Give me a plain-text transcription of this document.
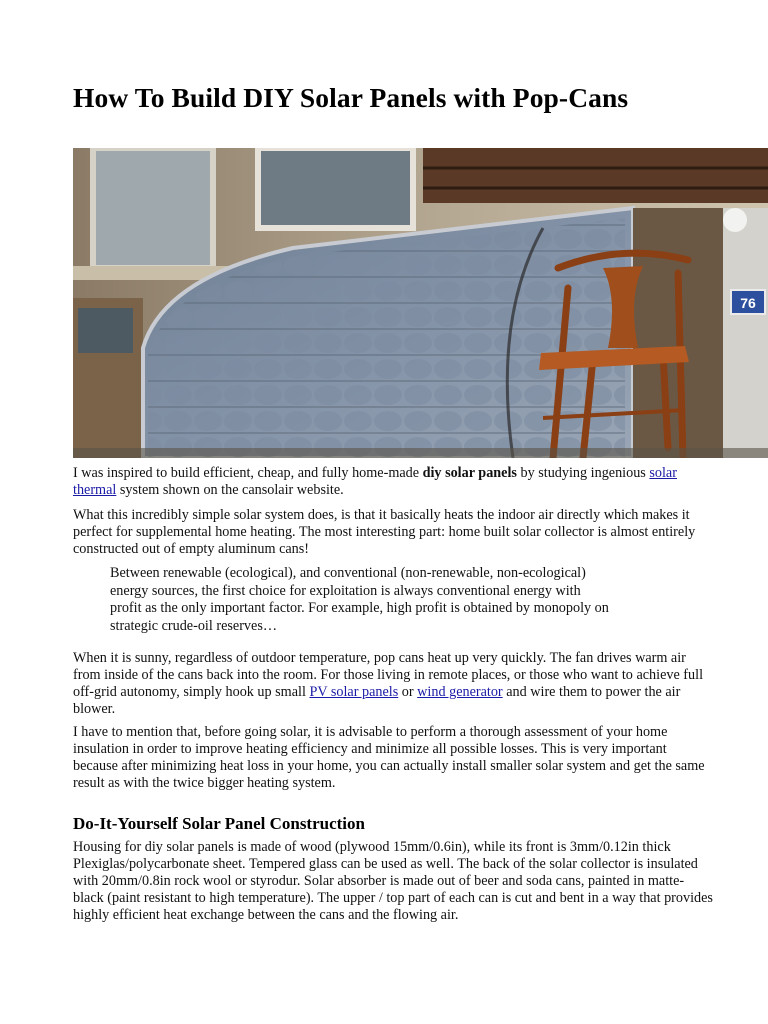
How To Build DIY Solar Panels with Pop-Cans
76

I was inspired to build efficient, cheap, and fully home-made diy solar panels by studying ingenious solar thermal system shown on the cansolair website.

What this incredibly simple solar system does, is that it basically heats the indoor air directly which makes it perfect for supplemental home heating. The most interesting part: home built solar collector is almost entirely constructed out of empty aluminum cans!

Between renewable (ecological), and conventional (non-renewable, non-ecological)
energy sources, the first choice for exploitation is always conventional energy with
profit as the only important factor. For example, high profit is obtained by monopoly on
strategic crude-oil reserves…

When it is sunny, regardless of outdoor temperature, pop cans heat up very quickly. The fan drives warm air from inside of the cans back into the room. For those living in remote places, or those who want to achieve full off-grid autonomy, simply hook up small PV solar panels or wind generator and wire them to power the air blower.

I have to mention that, before going solar, it is advisable to perform a thorough assessment of your home insulation in order to improve heating efficiency and minimize all possible losses. This is very important because after minimizing heat loss in your home, you can actually install smaller solar system and get the same result as with the twice bigger heating system.

Do-It-Yourself Solar Panel Construction

Housing for diy solar panels is made of wood (plywood 15mm/0.6in), while its front is 3mm/0.12in thick Plexiglas/polycarbonate sheet. Tempered glass can be used as well. The back of the solar collector is insulated with 20mm/0.8in rock wool or styrodur. Solar absorber is made out of beer and soda cans, painted in matte-black (paint resistant to high temperature). The upper / top part of each can is cut and bent in a way that provides highly efficient heat exchange between the cans and the flowing air.
